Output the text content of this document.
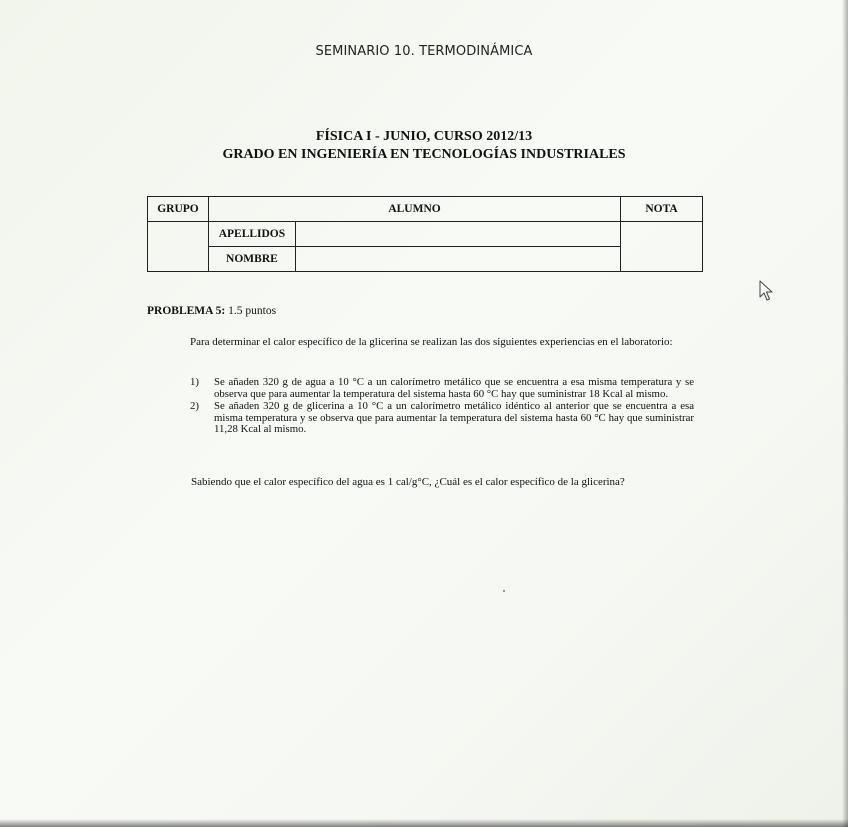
SEMINARIO 10. TERMODINÁMICA
FÍSICA I - JUNIO, CURSO 2012/13
GRADO EN INGENIERÍA EN TECNOLOGÍAS INDUSTRIALES
GRUPO	ALUMNO		NOTA
	APELLIDOS		
	NOMBRE		
PROBLEMA 5: 1.5 puntos

Para determinar el calor específico de la glicerina se realizan las dos siguientes experiencias en el laboratorio:

1)	Se añaden 320 g de agua a 10 °C a un calorímetro metálico que se encuentra a esa misma temperatura y se observa que para aumentar la temperatura del sistema hasta 60 °C hay que suministrar 18 Kcal al mismo.
2)	Se añaden 320 g de glicerina a 10 °C a un calorímetro metálico idéntico al anterior que se encuentra a esa misma temperatura y se observa que para aumentar la temperatura del sistema hasta 60 °C hay que suministrar 11,28 Kcal al mismo.
Sabiendo que el calor específico del agua es 1 cal/g°C, ¿Cuál es el calor específico de la glicerina?
